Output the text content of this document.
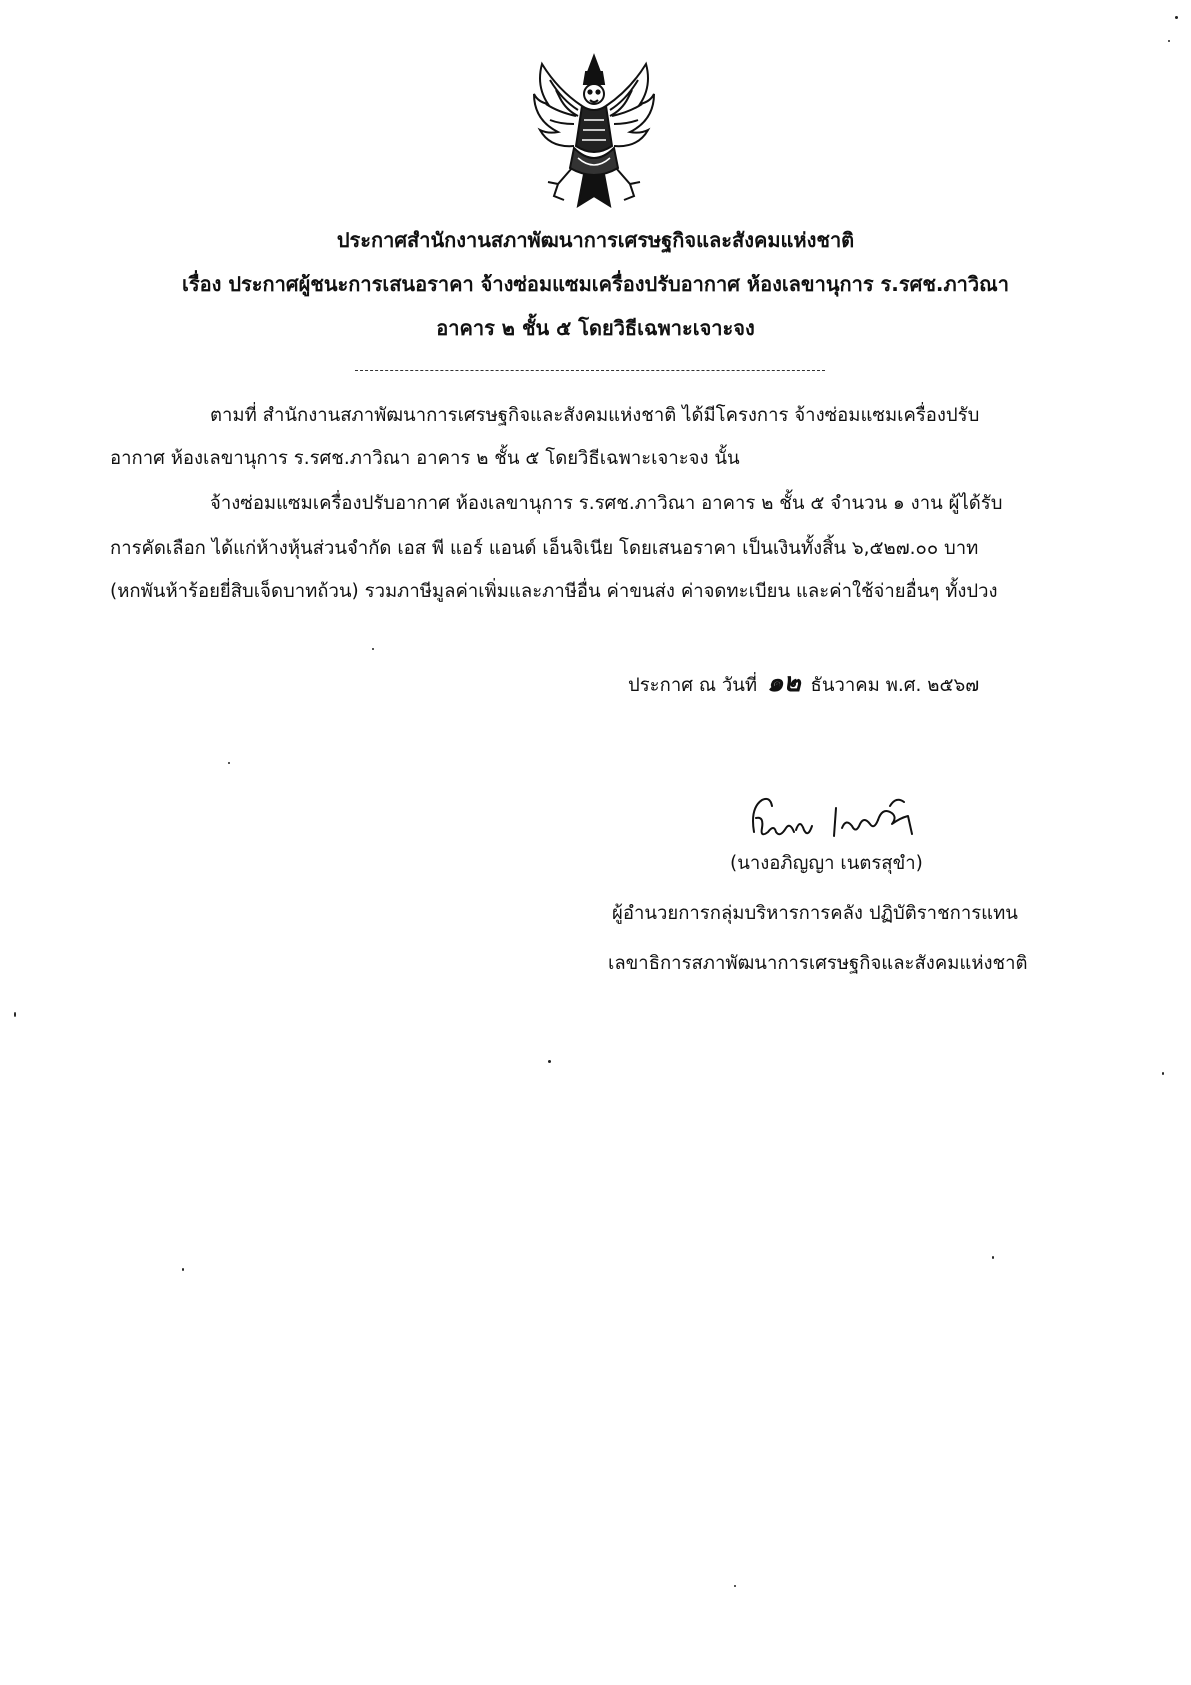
ประกาศสำนักงานสภาพัฒนาการเศรษฐกิจและสังคมแห่งชาติ
เรื่อง ประกาศผู้ชนะการเสนอราคา จ้างซ่อมแซมเครื่องปรับอากาศ ห้องเลขานุการ ร.รศช.ภาวิณา
อาคาร ๒ ชั้น ๕ โดยวิธีเฉพาะเจาะจง
ตามที่ สำนักงานสภาพัฒนาการเศรษฐกิจและสังคมแห่งชาติ ได้มีโครงการ จ้างซ่อมแซมเครื่องปรับ
อากาศ ห้องเลขานุการ ร.รศช.ภาวิณา อาคาร ๒ ชั้น ๕ โดยวิธีเฉพาะเจาะจง นั้น
จ้างซ่อมแซมเครื่องปรับอากาศ ห้องเลขานุการ ร.รศช.ภาวิณา อาคาร ๒ ชั้น ๕ จำนวน ๑ งาน ผู้ได้รับ
การคัดเลือก ได้แก่ห้างหุ้นส่วนจำกัด เอส พี แอร์ แอนด์ เอ็นจิเนีย โดยเสนอราคา เป็นเงินทั้งสิ้น ๖,๕๒๗.๐๐ บาท
(หกพันห้าร้อยยี่สิบเจ็ดบาทถ้วน) รวมภาษีมูลค่าเพิ่มและภาษีอื่น ค่าขนส่ง ค่าจดทะเบียน และค่าใช้จ่ายอื่นๆ ทั้งปวง
ประกาศ ณ วันที่ ๑๒ ธันวาคม พ.ศ. ๒๕๖๗
(นางอภิญญา เนตรสุขำ)
ผู้อำนวยการกลุ่มบริหารการคลัง ปฏิบัติราชการแทน
เลขาธิการสภาพัฒนาการเศรษฐกิจและสังคมแห่งชาติ
